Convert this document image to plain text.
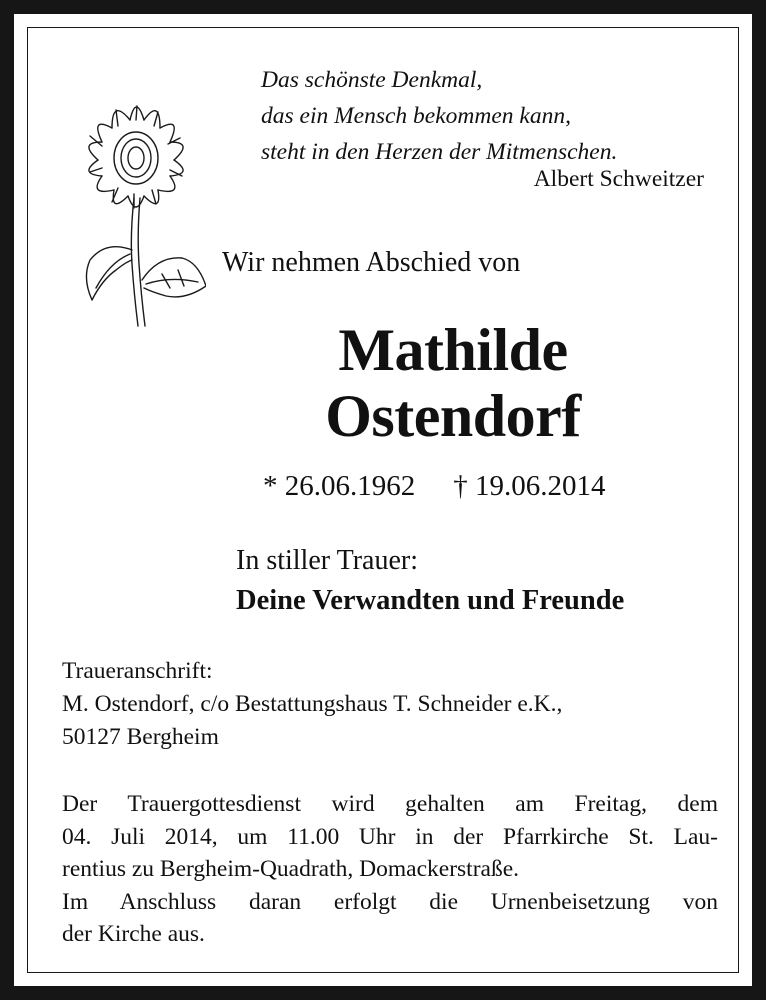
Das schönste Denkmal,
das ein Mensch bekommen kann,
steht in den Herzen der Mitmenschen.
Albert Schweitzer
Wir nehmen Abschied von
Mathilde
Ostendorf
* 26.06.1962 † 19.06.2014
In stiller Trauer:
Deine Verwandten und Freunde
Traueranschrift:
M. Ostendorf, c/o Bestattungshaus T. Schneider e.K.,
50127 Bergheim
Der Trauergottesdienst wird gehalten am Freitag, dem
04. Juli 2014, um 11.00 Uhr in der Pfarrkirche St. Lau-
rentius zu Bergheim-Quadrath, Domackerstraße.
Im Anschluss daran erfolgt die Urnenbeisetzung von
der Kirche aus.
